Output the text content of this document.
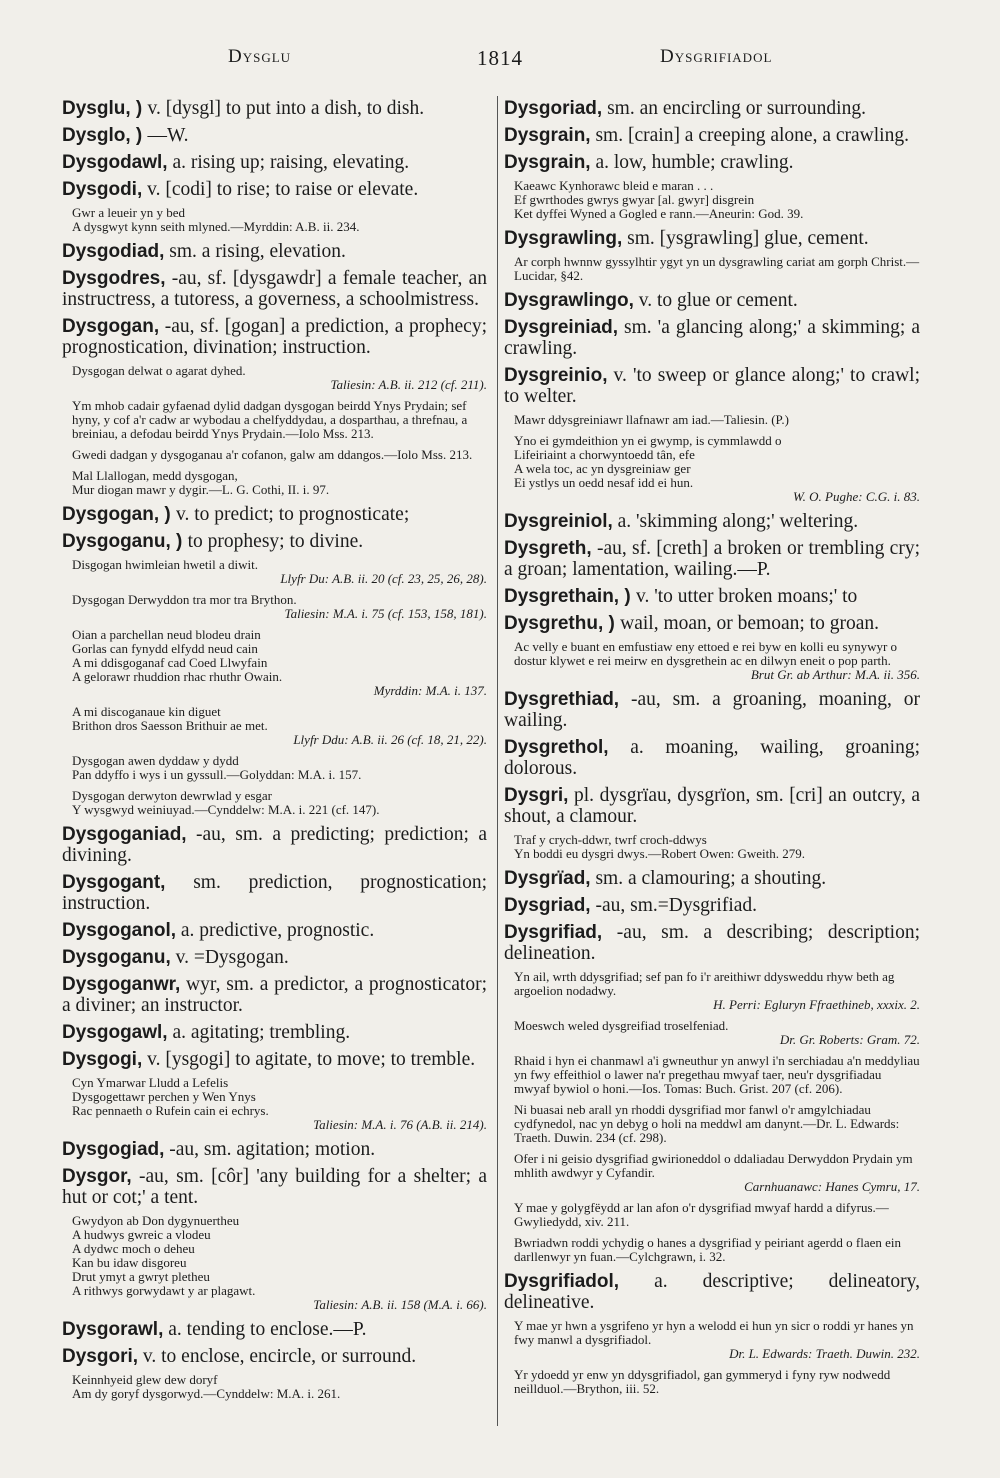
Dysglu	1814	Dysgrifiadol
Dysglu, ) v. [dysgl] to put into a dish, to dish.
Dysglo, ) —W.
Dysgodawl, a. rising up; raising, elevating.
Dysgodi, v. [codi] to rise; to raise or elevate.
Gwr a leueir yn y bed
A dysgwyt kynn seith mlyned.—Myrddin: A.B. ii. 234.
Dysgodiad, sm. a rising, elevation.
Dysgodres, -au, sf. [dysgawdr] a female teacher, an instructress, a tutoress, a governess, a schoolmistress.
Dysgogan, -au, sf. [gogan] a prediction, a prophecy; prognostication, divination; instruction.
Dysgogan delwat o agarat dyhed.
Taliesin: A.B. ii. 212 (cf. 211).
Ym mhob cadair gyfaenad dylid dadgan dysgogan beirdd Ynys Prydain; sef hyny, y cof a'r cadw ar wybodau a chelfyddydau, a dosparthau, a threfnau, a breiniau, a defodau beirdd Ynys Prydain.—Iolo Mss. 213.
Gwedi dadgan y dysgoganau a'r cofanon, galw am ddangos.—Iolo Mss. 213.
Mal Llallogan, medd dysgogan,
Mur diogan mawr y dygir.—L. G. Cothi, II. i. 97.
Dysgogan, ) v. to predict; to prognosticate;
Dysgoganu, ) to prophesy; to divine.
Disgogan hwimleian hwetil a diwit.
Llyfr Du: A.B. ii. 20 (cf. 23, 25, 26, 28).
Dysgogan Derwyddon tra mor tra Brython.
Taliesin: M.A. i. 75 (cf. 153, 158, 181).
Oian a parchellan neud blodeu drain
Gorlas can fynydd elfydd neud cain
A mi ddisgoganaf cad Coed Llwyfain
A gelorawr rhuddion rhac rhuthr Owain.
Myrddin: M.A. i. 137.
A mi discoganaue kin diguet
Brithon dros Saesson Brithuir ae met.
Llyfr Ddu: A.B. ii. 26 (cf. 18, 21, 22).
Dysgogan awen dyddaw y dydd
Pan ddyffo i wys i un gyssull.—Golyddan: M.A. i. 157.
Dysgogan derwyton dewrwlad y esgar
Y wysgwyd weiniuyad.—Cynddelw: M.A. i. 221 (cf. 147).
Dysgoganiad, -au, sm. a predicting; prediction; a divining.
Dysgogant, sm. prediction, prognostication; instruction.
Dysgoganol, a. predictive, prognostic.
Dysgoganu, v. =Dysgogan.
Dysgoganwr, wyr, sm. a predictor, a prognosticator; a diviner; an instructor.
Dysgogawl, a. agitating; trembling.
Dysgogi, v. [ysgogi] to agitate, to move; to tremble.
Cyn Ymarwar Lludd a Lefelis
Dysgogettawr perchen y Wen Ynys
Rac pennaeth o Rufein cain ei echrys.
Taliesin: M.A. i. 76 (A.B. ii. 214).
Dysgogiad, -au, sm. agitation; motion.
Dysgor, -au, sm. [côr] 'any building for a shelter; a hut or cot;' a tent.
Gwydyon ab Don dygynuertheu
A hudwys gwreic a vlodeu
A dydwc moch o deheu
Kan bu idaw disgoreu
Drut ymyt a gwryt pletheu
A rithwys gorwydawt y ar plagawt.
Taliesin: A.B. ii. 158 (M.A. i. 66).
Dysgorawl, a. tending to enclose.—P.
Dysgori, v. to enclose, encircle, or surround.
Keinnhyeid glew dew doryf
Am dy goryf dysgorwyd.—Cynddelw: M.A. i. 261.
Dysgoriad, sm. an encircling or surrounding.
Dysgrain, sm. [crain] a creeping alone, a crawling.
Dysgrain, a. low, humble; crawling.
Kaeawc Kynhorawc bleid e maran . . .
Ef gwrthodes gwrys gwyar [al. gwyr] disgrein
Ket dyffei Wyned a Gogled e rann.—Aneurin: God. 39.
Dysgrawling, sm. [ysgrawling] glue, cement.
Ar corph hwnnw gyssylhtir ygyt yn un dysgrawling cariat am gorph Christ.—Lucidar, §42.
Dysgrawlingo, v. to glue or cement.
Dysgreiniad, sm. 'a glancing along;' a skimming; a crawling.
Dysgreinio, v. 'to sweep or glance along;' to crawl; to welter.
Mawr ddysgreiniawr llafnawr am iad.—Taliesin. (P.)
Yno ei gymdeithion yn ei gwymp, is cymmlawdd o
Lifeiriaint a chorwyntoedd tân, efe
A wela toc, ac yn dysgreiniaw ger
Ei ystlys un oedd nesaf idd ei hun.
W. O. Pughe: C.G. i. 83.
Dysgreiniol, a. 'skimming along;' weltering.
Dysgreth, -au, sf. [creth] a broken or trembling cry; a groan; lamentation, wailing.—P.
Dysgrethain, ) v. 'to utter broken moans;' to
Dysgrethu, ) wail, moan, or bemoan; to groan.
Ac velly e buant en emfustiaw eny ettoed e rei byw en kolli eu synywyr o dostur klywet e rei meirw en dysgrethein ac en dilwyn eneit o pop parth.
Brut Gr. ab Arthur: M.A. ii. 356.
Dysgrethiad, -au, sm. a groaning, moaning, or wailing.
Dysgrethol, a. moaning, wailing, groaning; dolorous.
Dysgri, pl. dysgrïau, dysgrïon, sm. [cri] an outcry, a shout, a clamour.
Traf y crych-ddwr, twrf croch-ddwys
Yn boddi eu dysgri dwys.—Robert Owen: Gweith. 279.
Dysgrïad, sm. a clamouring; a shouting.
Dysgriad, -au, sm.=Dysgrifiad.
Dysgrifiad, -au, sm. a describing; description; delineation.
Yn ail, wrth ddysgrifiad; sef pan fo i'r areithiwr ddysweddu rhyw beth ag argoelion nodadwy.
H. Perri: Egluryn Ffraethineb, xxxix. 2.
Moeswch weled dysgreifiad troselfeniad.
Dr. Gr. Roberts: Gram. 72.
Rhaid i hyn ei chanmawl a'i gwneuthur yn anwyl i'n serchiadau a'n meddyliau yn fwy effeithiol o lawer na'r pregethau mwyaf taer, neu'r dysgrifiadau mwyaf bywiol o honi.—Ios. Tomas: Buch. Grist. 207 (cf. 206).
Ni buasai neb arall yn rhoddi dysgrifiad mor fanwl o'r amgylchiadau cydfynedol, nac yn debyg o holi na meddwl am danynt.—Dr. L. Edwards: Traeth. Duwin. 234 (cf. 298).
Ofer i ni geisio dysgrifiad gwirioneddol o ddaliadau Derwyddon Prydain ym mhlith awdwyr y Cyfandir.
Carnhuanawc: Hanes Cymru, 17.
Y mae y golygfëydd ar lan afon o'r dysgrifiad mwyaf hardd a difyrus.—Gwyliedydd, xiv. 211.
Bwriadwn roddi ychydig o hanes a dysgrifiad y peiriant agerdd o flaen ein darllenwyr yn fuan.—Cylchgrawn, i. 32.
Dysgrifiadol, a. descriptive; delineatory, delineative.
Y mae yr hwn a ysgrifeno yr hyn a welodd ei hun yn sicr o roddi yr hanes yn fwy manwl a dysgrifiadol.
Dr. L. Edwards: Traeth. Duwin. 232.
Yr ydoedd yr enw yn ddysgrifiadol, gan gymmeryd i fyny ryw nodwedd neillduol.—Brython, iii. 52.
